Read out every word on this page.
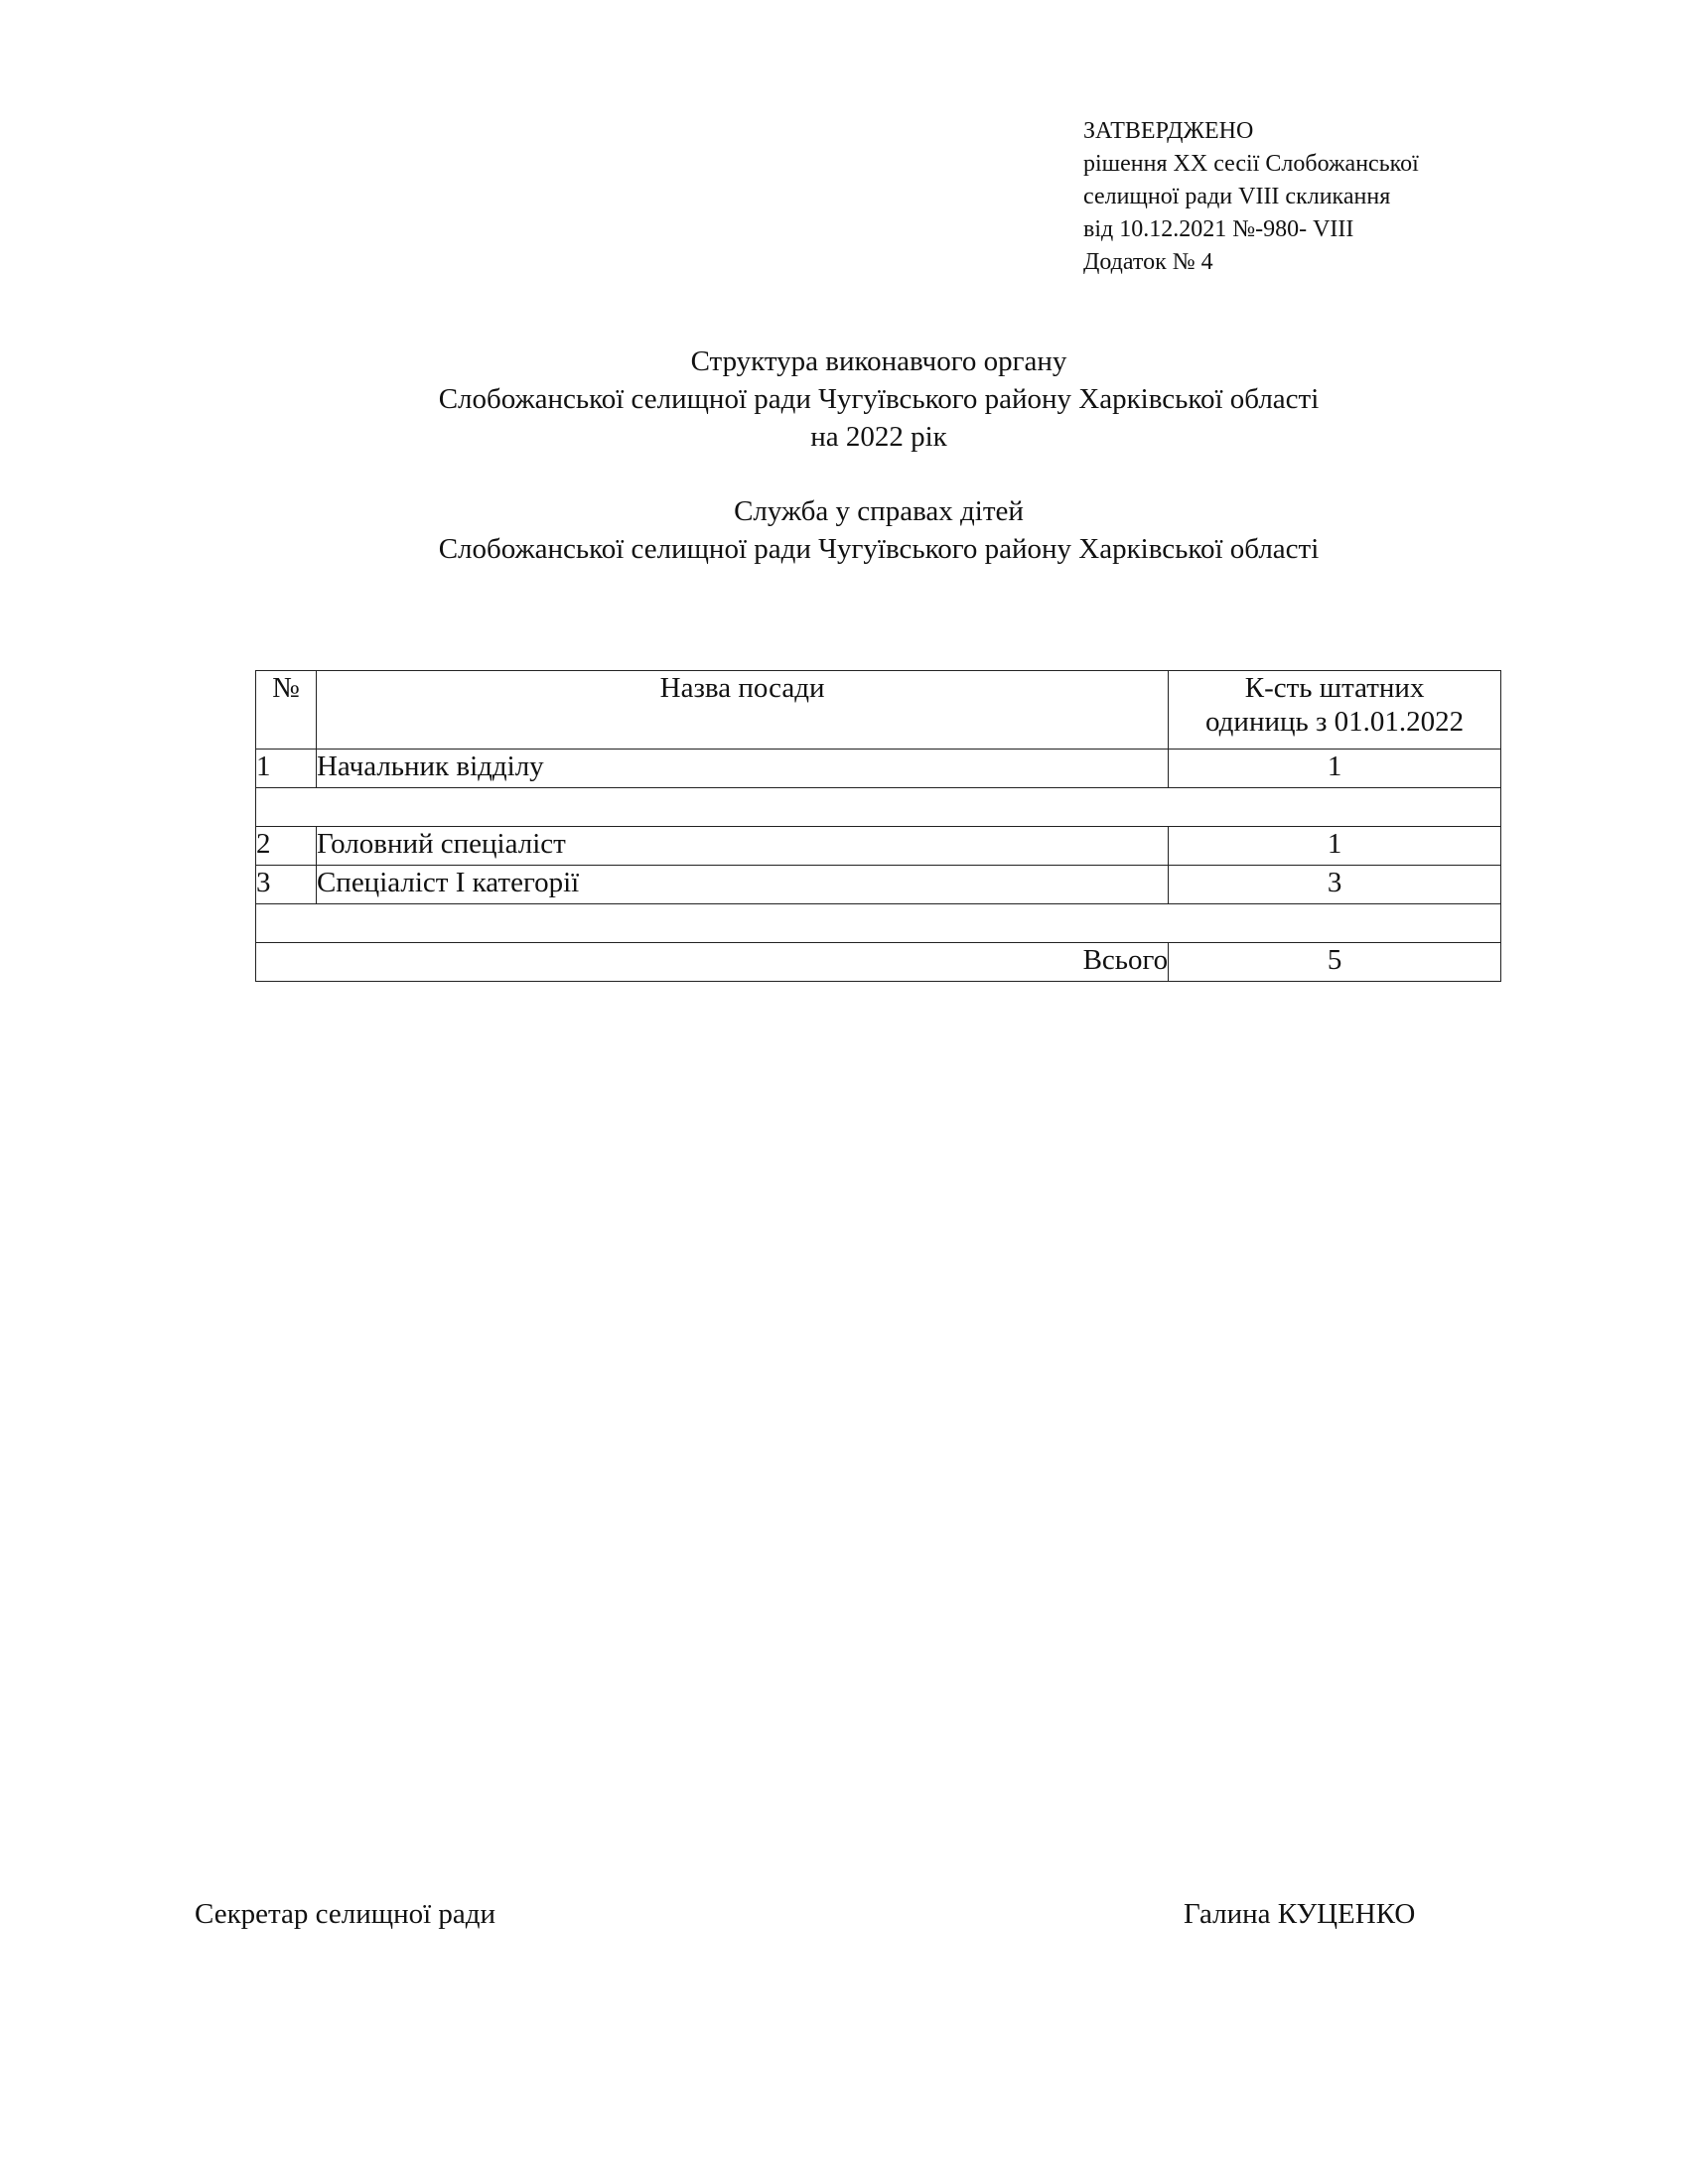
ЗАТВЕРДЖЕНО
рішення XX сесії Слобожанської
селищної ради VIII скликання
від 10.12.2021 №-980- VIII
Додаток № 4
Структура виконавчого органу
Слобожанської селищної ради Чугуївського району Харківської області
на 2022 рік
Служба у справах дітей
Слобожанської селищної ради Чугуївського району Харківської області
№	Назва посади	К-сть штатних
одиниць з 01.01.2022

1	Начальник відділу	1

2	Головний спеціаліст	1
3	Спеціаліст I категорії	3

Всього		5
Секретар селищної ради	Галина КУЦЕНКО
